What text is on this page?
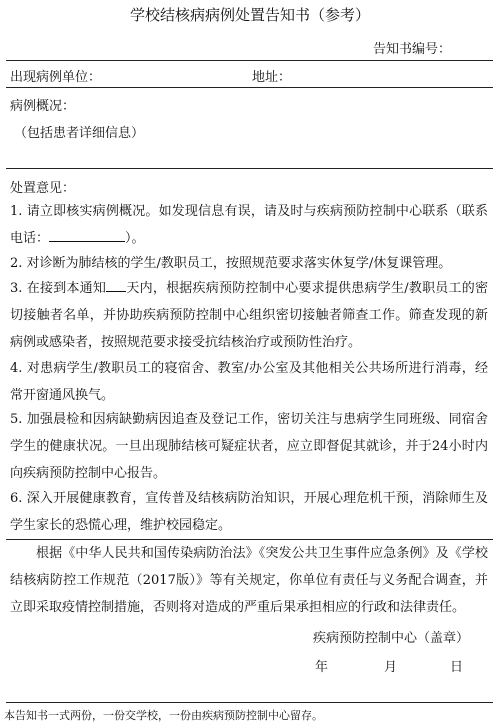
学校结核病病例处置告知书（参考）
告知书编号：
出现病例单位：	地址：
病例概况：
（包括患者详细信息）
处置意见：
1. 请立即核实病例概况。如发现信息有误，请及时与疾病预防控制中心联系（联系电话：	）。
2. 对诊断为肺结核的学生/教职员工，按照规范要求落实休复学/休复课管理。
3. 在接到本通知 天内，根据疾病预防控制中心要求提供患病学生/教职员工的密切接触者名单，并协助疾病预防控制中心组织密切接触者筛查工作。筛查发现的新病例或感染者，按照规范要求接受抗结核治疗或预防性治疗。
4. 对患病学生/教职员工的寝宿舍、教室/办公室及其他相关公共场所进行消毒，经常开窗通风换气。
5. 加强晨检和因病缺勤病因追查及登记工作，密切关注与患病学生同班级、同宿舍学生的健康状况。一旦出现肺结核可疑症状者，应立即督促其就诊，并于24小时内向疾病预防控制中心报告。
6. 深入开展健康教育，宣传普及结核病防治知识，开展心理危机干预，消除师生及学生家长的恐慌心理，维护校园稳定。
根据《中华人民共和国传染病防治法》《突发公共卫生事件应急条例》及《学校结核病防控工作规范（2017版）》等有关规定，你单位有责任与义务配合调查，并立即采取疫情控制措施，否则将对造成的严重后果承担相应的行政和法律责任。
疾病预防控制中心（盖章）
年	月	日
本告知书一式两份，一份交学校，一份由疾病预防控制中心留存。
